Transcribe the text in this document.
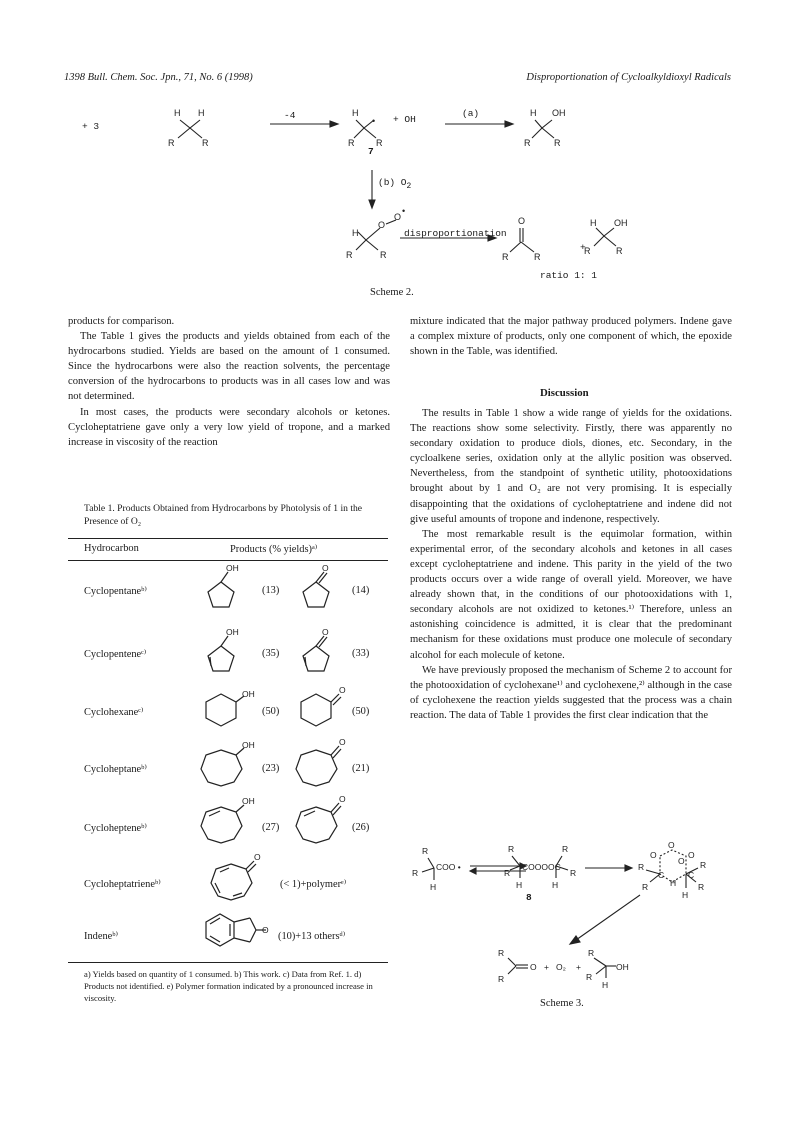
1398 Bull. Chem. Soc. Jpn., 71, No. 6 (1998)	Disproportionation of Cycloalkyldioxyl Radicals
H H
R	R
H
R R
•
H OH
R	R
H
O
O
•
R	R
O
R	R
H OH
R	R
+ 3
-4	+ OH
(a)
7
(b) $O_2$
disproportionation
+
ratio 1: 1
Scheme 2.

products for comparison.

The Table 1 gives the products and yields obtained from each of the hydrocarbons studied. Yields are based on the amount of 1 consumed. Since the hydrocarbons were also the reaction solvents, the percentage conversion of the hydrocarbons to products was in all cases low and was not determined.

In most cases, the products were secondary alcohols or ketones. Cycloheptatriene gave only a very low yield of tropone, and a marked increase in viscosity of the reaction

Table 1. Products Obtained from Hydrocarbons by Photolysis of 1 in the Presence of O₂
Hydrocarbon	Products (% yields)ᵃ⁾
Cyclopentaneᵇ⁾	(13)	(14)
Cyclopenteneᶜ⁾	(35)	(33)
Cyclohexaneᶜ⁾	(50)	(50)
Cycloheptaneᵇ⁾	(23)	(21)
Cyclohepteneᵇ⁾	(27)	(26)
Cycloheptatrieneᵇ⁾	(< 1)+polymerᵉ⁾
Indeneᵇ⁾	(10)+13 othersᵈ⁾
OH	O
OH	O
OH	O
OH	O
OH	O
O
O
a) Yields based on quantity of 1 consumed. b) This work. c) Data from Ref. 1. d) Products not identified. e) Polymer formation indicated by a pronounced increase in viscosity.

mixture indicated that the major pathway produced polymers. Indene gave a complex mixture of products, only one component of which, the epoxide shown in the Table, was identified.

Discussion

The results in Table 1 show a wide range of yields for the oxidations. The reactions show some selectivity. Firstly, there was apparently no secondary oxidation to produce diols, diones, etc. Secondary, in the cycloalkene series, oxidation only at the allylic position was observed. Nevertheless, from the standpoint of synthetic utility, photooxidations brought about by 1 and O₂ are not very promising. It is especially disappointing that the oxidations of cycloheptatriene and indene did not give useful amounts of tropone and indenone, respectively.

The most remarkable result is the equimolar formation, within experimental error, of the secondary alcohols and ketones in all cases except cycloheptatriene and indene. This parity in the yield of the two products occurs over a wide range of overall yield. Moreover, we have already shown that, in the conditions of our photooxidations with 1, secondary alcohols are not oxidized to ketones.¹⁾ Therefore, unless an astonishing coincidence is admitted, it is clear that the predominant mechanism for these oxidations must produce one molecule of secondary alcohol for each molecule of ketone.

We have previously proposed the mechanism of Scheme 2 to account for the photooxidation of cyclohexane¹⁾ and cyclohexene,²⁾ although in the case of cyclohexene the reaction yields suggested that the process was a chain reaction. The data of Table 1 provides the first clear indication that the

R
COO •
R
H
R
COOOOC
R
R	R
H	H
O
O	O
O
R
R
C
H
C
R
R
H
R
R
O + O₂ +
R
R
OH
H
8
Scheme 3.
